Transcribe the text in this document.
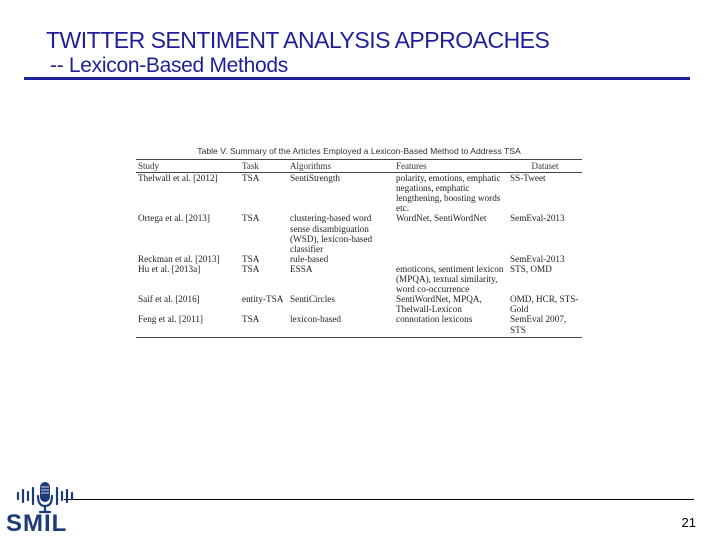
TWITTER SENTIMENT ANALYSIS APPROACHES
-- Lexicon-Based Methods
Table V. Summary of the Articles Employed a Lexicon-Based Method to Address TSA
Study	Task	Algorithms	Features	Dataset
Thelwall et al. [2012]	TSA	SentiStrength	polarity, emotions, emphatic negations, emphatic lengthening, boosting words etc.	SS-Tweet
Ortega et al. [2013]	TSA	clustering-based word sense disambiguation (WSD), lexicon-based classifier	WordNet, SentiWordNet	SemEval-2013
Reckman et al. [2013]	TSA	rule-based		SemEval-2013
Hu et al. [2013a]	TSA	ESSA	emoticons, sentiment lexicon (MPQA), textual similarity, word co-occurrence	STS, OMD
Saif et al. [2016]	entity-TSA	SentiCircles	SentiWordNet, MPQA, Thelwall-Lexicon	OMD, HCR, STS-Gold
Feng et al. [2011]	TSA	lexicon-based	connotation lexicons	SemEval 2007, STS
21
SMIL
